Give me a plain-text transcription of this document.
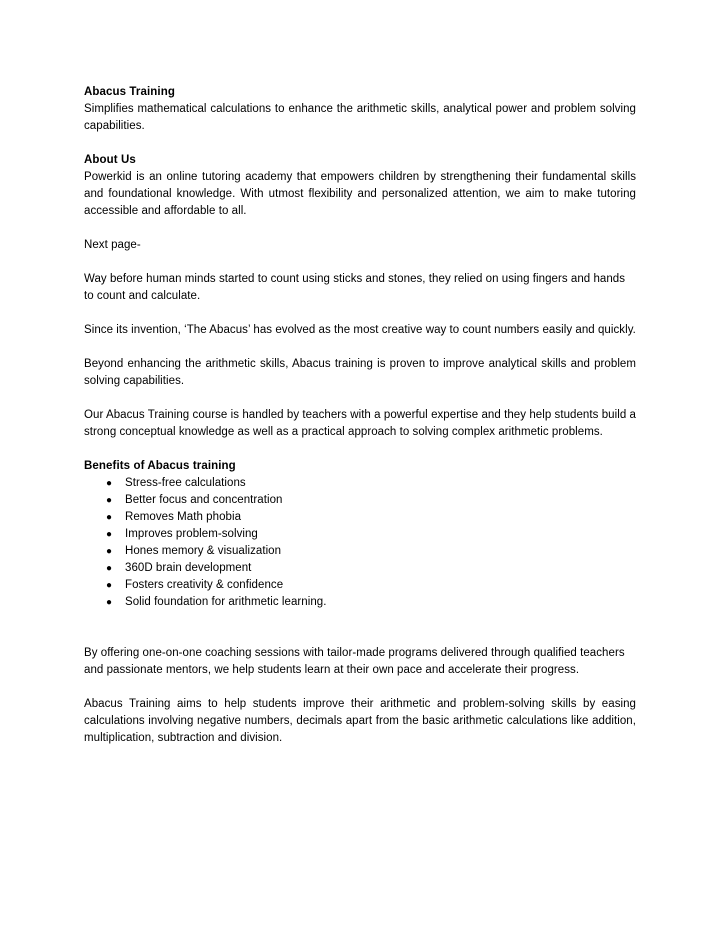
Abacus Training

Simplifies mathematical calculations to enhance the arithmetic skills, analytical power and problem solving capabilities.

About Us

Powerkid is an online tutoring academy that empowers children by strengthening their fundamental skills and foundational knowledge. With utmost flexibility and personalized attention, we aim to make tutoring accessible and affordable to all.

Next page-

Way before human minds started to count using sticks and stones, they relied on using fingers and hands to count and calculate.

Since its invention, ‘The Abacus’ has evolved as the most creative way to count numbers easily and quickly.

Beyond enhancing the arithmetic skills, Abacus training is proven to improve analytical skills and problem solving capabilities.

Our Abacus Training course is handled by teachers with a powerful expertise and they help students build a strong conceptual knowledge as well as a practical approach to solving complex arithmetic problems.

Benefits of Abacus training
●	Stress-free calculations
●	Better focus and concentration
●	Removes Math phobia
●	Improves problem-solving
●	Hones memory & visualization
●	360D brain development
●	Fosters creativity & confidence
●	Solid foundation for arithmetic learning.

By offering one-on-one coaching sessions with tailor-made programs delivered through qualified teachers and passionate mentors, we help students learn at their own pace and accelerate their progress.

Abacus Training aims to help students improve their arithmetic and problem-solving skills by easing calculations involving negative numbers, decimals apart from the basic arithmetic calculations like addition, multiplication, subtraction and division.
